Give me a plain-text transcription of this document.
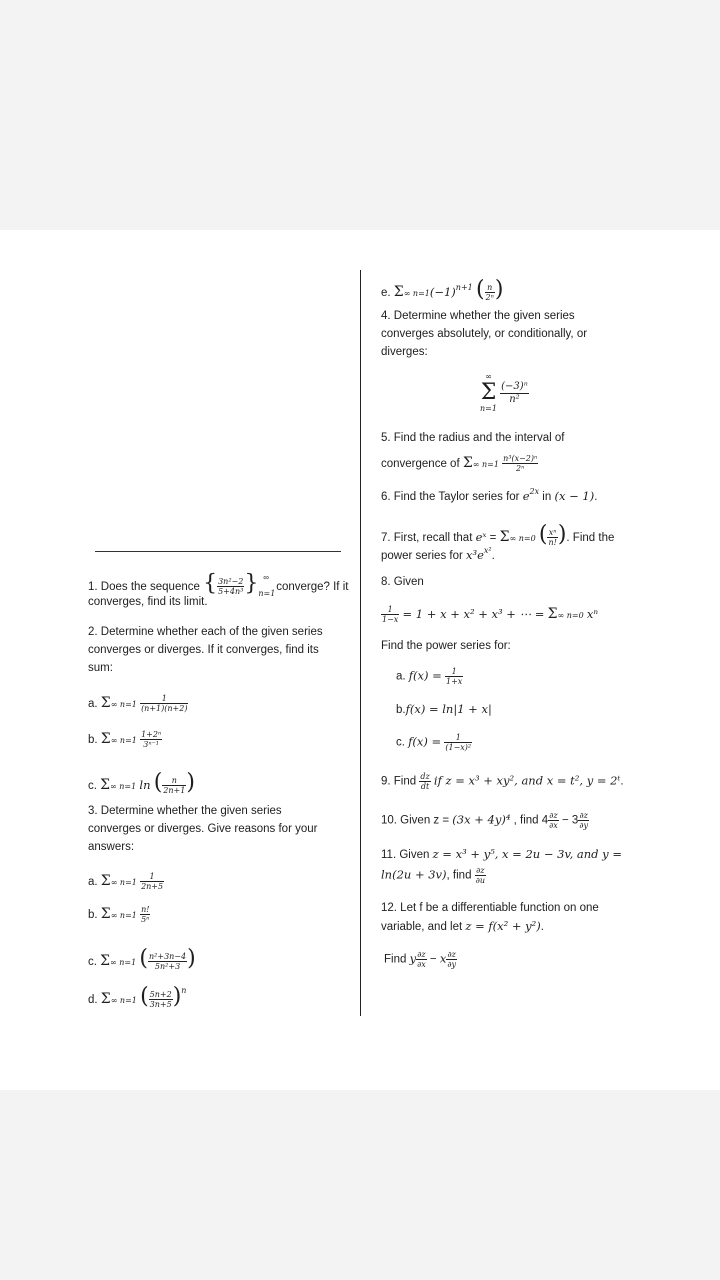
1. Does the sequence { $\frac{\text{3n²−2}}{\text{5+4n³}} \}_{n=1}^\infty$ converge? If it
converges, find its limit.
2. Determine whether each of the given series
converges or diverges. If it converges, find its
sum:
a. Σ∞ $n=1 \frac{1}{(n+1)(n+2)}$
b. Σ∞ $n=1 \frac{\text{1+2ⁿ}}{\text{3ⁿ⁻¹}}$
c. Σ∞ n=1 ln ( $\frac{n}{2n+1}$ )
3. Determine whether the given series
converges or diverges. Give reasons for your
answers:
a. Σ∞ $n=1 \frac{1}{2n+5}$
b. Σ∞ $n=1 \frac{n!}{\text{5ⁿ}}$
c. Σ∞ n=1 ( $\frac{\text{n²+3n−4}}{\text{5n²+3}}$ )
d. Σ∞ n=1 ( $\frac{5n+2}{3n+5} )^n$
e. Σ∞ $n=1(-1)^{n+1}$ ( $\frac{n}{\text{2ⁿ}}$ )
4. Determine whether the given series
converges absolutely, or conditionally, or
diverges:
∞
Σ
n=1

$\frac{\text{(−3)ⁿ}}{\text{n²}}$
5. Find the radius and the interval of
convergence of Σ∞ $n=1 \frac{\text{n³(x−2)ⁿ}}{\text{2ⁿ}}$
6. Find the Taylor series for $e^{2x}$ in (x − 1).
7. First, recall that eˣ = Σ∞ n=0 ( $\frac{\text{xⁿ}}{n!}$ ). Find the
power series for $x^3e^{x^2}$.
8. Given
$\frac{1}{1-x} = 1 + x + x^2 + x^3$ + ⋯ = Σ∞ n=0 xⁿ
Find the power series for:
a. $f(x) = \frac{1}{1+x}$
b.f(x) = ln|1 + x|
c. $f(x) = \frac{1}{\text{(1−x)²}}$
9. Find $\frac{dz}{dt}$ if z = x³ + xy², and x = t², y = 2ᵗ.
10. Given z = (3x + 4y)⁴ , find $4 \frac{\partial z}{\partial x} - 3 \frac{\partial z}{\partial y}$
11. Given z = x³ + y⁵, x = 2u − 3v, and y =
ln(2u + 3v), find $\frac{\partial z}{\partial u}$
12. Let f be a differentiable function on one
variable, and let z = f(x² + y²).
Find y $\frac{\partial z}{\partial x} - x \frac{\partial z}{\partial y}$
